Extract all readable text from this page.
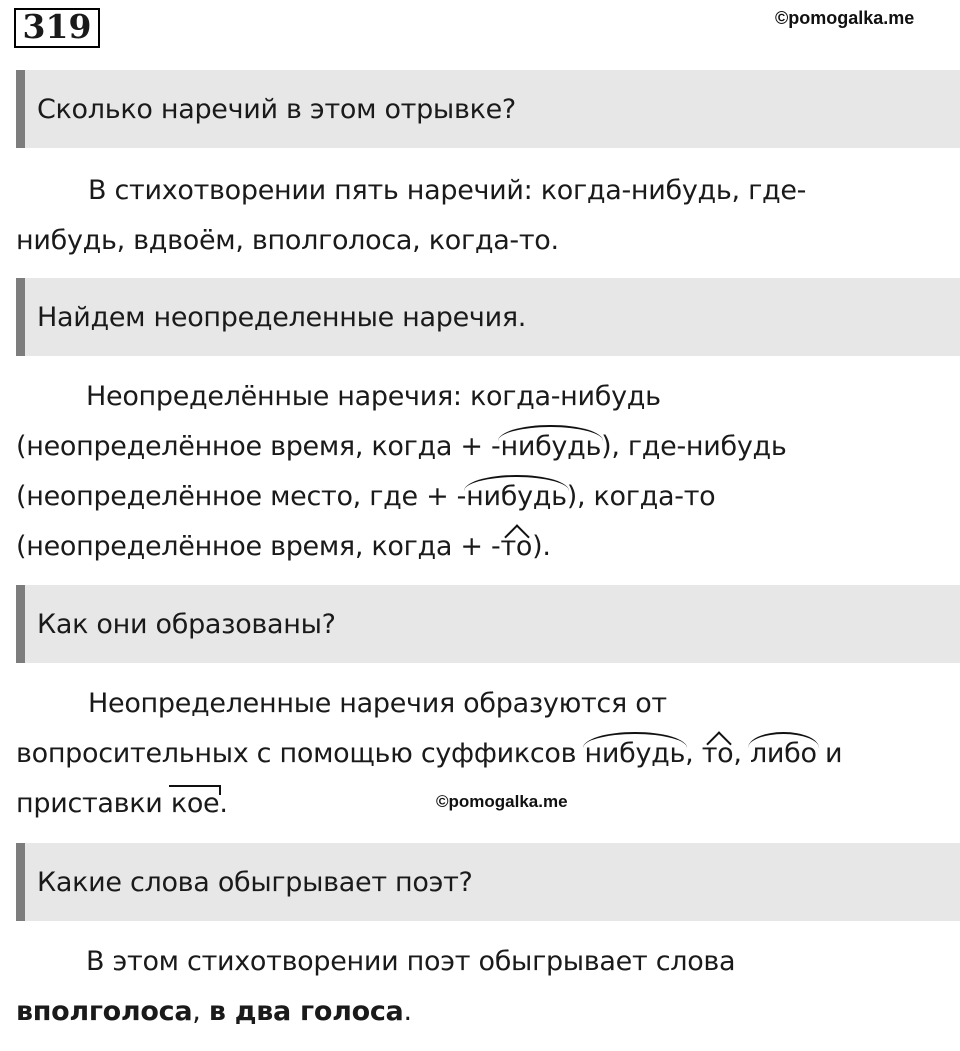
319	©pomogalka.me
Сколько наречий в этом отрывке?
В стихотворении пять наречий: когда-нибудь, где-
нибудь, вдвоём, вполголоса, когда-то.
Найдем неопределенные наречия.
Неопределённые наречия: когда-нибудь
(неопределённое время, когда + -нибудь), где-нибудь
(неопределённое место, где + -нибудь), когда-то
(неопределённое время, когда + -то).
Как они образованы?
Неопределенные наречия образуются от
вопросительных с помощью суффиксов нибудь, то, либо и
приставки кое.	©pomogalka.me
Какие слова обыгрывает поэт?
В этом стихотворении поэт обыгрывает слова
вполголоса, в два голоса.
